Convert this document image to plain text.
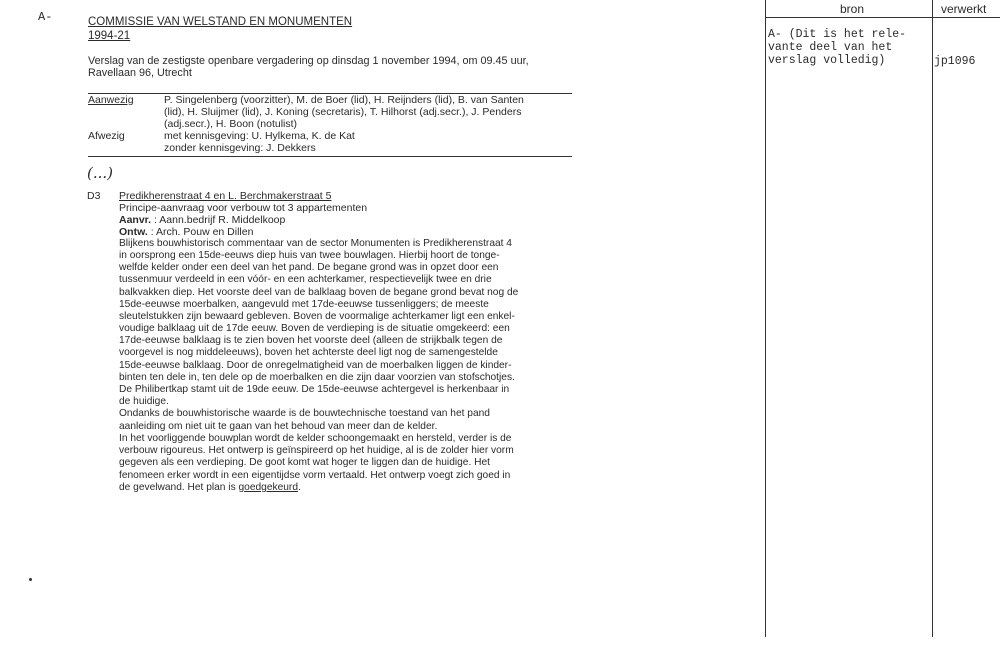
A-	COMMISSIE VAN WELSTAND EN MONUMENTEN
1994-21
Verslag van de zestigste openbare vergadering op dinsdag 1 november 1994, om 09.45 uur,
Ravellaan 96, Utrecht
Aanwezig	P. Singelenberg (voorzitter), M. de Boer (lid), H. Reijnders (lid), B. van Santen
(lid), H. Sluijmer (lid), J. Koning (secretaris), T. Hilhorst (adj.secr.), J. Penders
(adj.secr.), H. Boon (notulist)
Afwezig	met kennisgeving: U. Hylkema, K. de Kat
zonder kennisgeving: J. Dekkers
(...)
D3 Predikherenstraat 4 en L. Berchmakerstraat 5
Principe-aanvraag voor verbouw tot 3 appartementen
Aanvr. : Aann.bedrijf R. Middelkoop
Ontw. : Arch. Pouw en Dillen
Blijkens bouwhistorisch commentaar van de sector Monumenten is Predikherenstraat 4
in oorsprong een 15de-eeuws diep huis van twee bouwlagen. Hierbij hoort de tonge-
welfde kelder onder een deel van het pand. De begane grond was in opzet door een
tussenmuur verdeeld in een vóór- en een achterkamer, respectievelijk twee en drie
balkvakken diep. Het voorste deel van de balklaag boven de begane grond bevat nog de
15de-eeuwse moerbalken, aangevuld met 17de-eeuwse tussenliggers; de meeste
sleutelstukken zijn bewaard gebleven. Boven de voormalige achterkamer ligt een enkel-
voudige balklaag uit de 17de eeuw. Boven de verdieping is de situatie omgekeerd: een
17de-eeuwse balklaag is te zien boven het voorste deel (alleen de strijkbalk tegen de
voorgevel is nog middeleeuws), boven het achterste deel ligt nog de samengestelde
15de-eeuwse balklaag. Door de onregelmatigheid van de moerbalken liggen de kinder-
binten ten dele in, ten dele op de moerbalken en die zijn daar voorzien van stofschotjes.
De Philibertkap stamt uit de 19de eeuw. De 15de-eeuwse achtergevel is herkenbaar in
de huidige.
Ondanks de bouwhistorische waarde is de bouwtechnische toestand van het pand
aanleiding om niet uit te gaan van het behoud van meer dan de kelder.
In het voorliggende bouwplan wordt de kelder schoongemaakt en hersteld, verder is de
verbouw rigoureus. Het ontwerp is geïnspireerd op het huidige, al is de zolder hier vorm
gegeven als een verdieping. De goot komt wat hoger te liggen dan de huidige. Het
fenomeen erker wordt in een eigentijdse vorm vertaald. Het ontwerp voegt zich goed in
de gevelwand. Het plan is goedgekeurd.
bron	verwerkt
A- (Dit is het rele-
vante deel van het
verslag volledig)	jp1096
